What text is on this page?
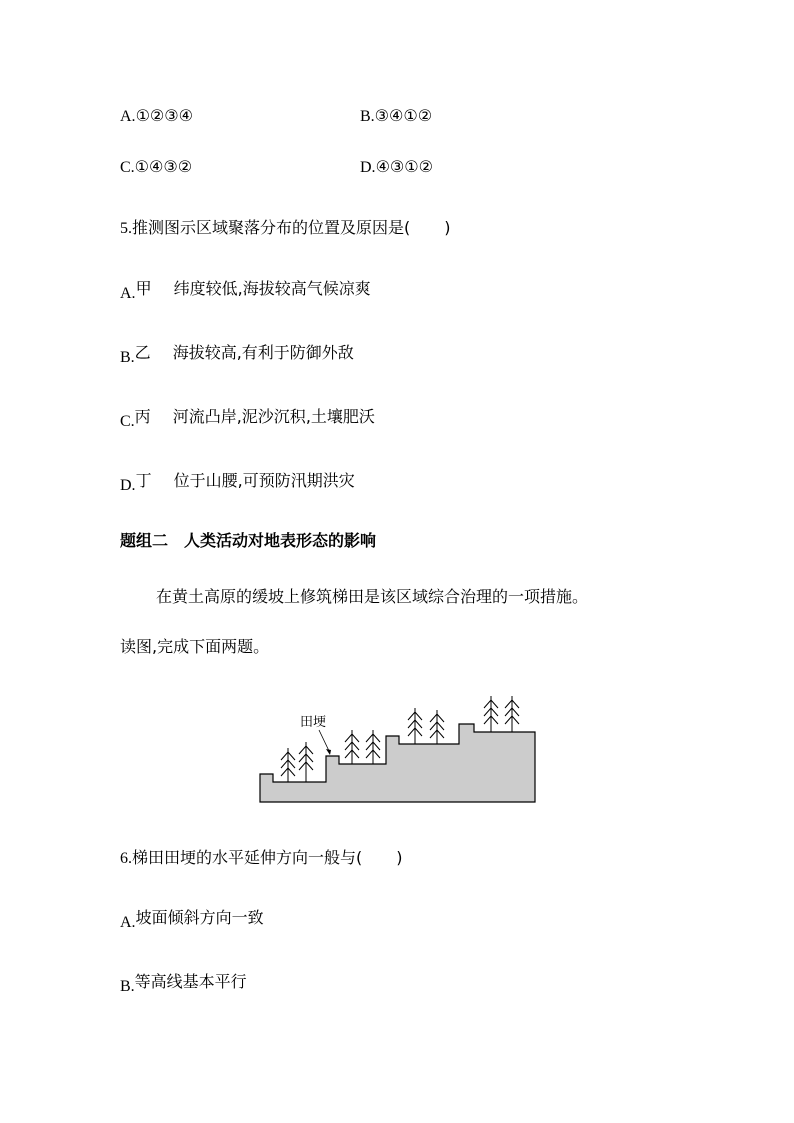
A.①②③④	B.③④①②
C.①④③②	D.④③①②
5.推测图示区域聚落分布的位置及原因是( )
A.甲 纬度较低,海拔较高气候凉爽
B.乙 海拔较高,有利于防御外敌
C.丙 河流凸岸,泥沙沉积,土壤肥沃
D.丁 位于山腰,可预防汛期洪灾
题组二　人类活动对地表形态的影响
在黄土高原的缓坡上修筑梯田是该区域综合治理的一项措施。
读图,完成下面两题。
田埂
6.梯田田埂的水平延伸方向一般与( )
A.坡面倾斜方向一致
B.等高线基本平行
